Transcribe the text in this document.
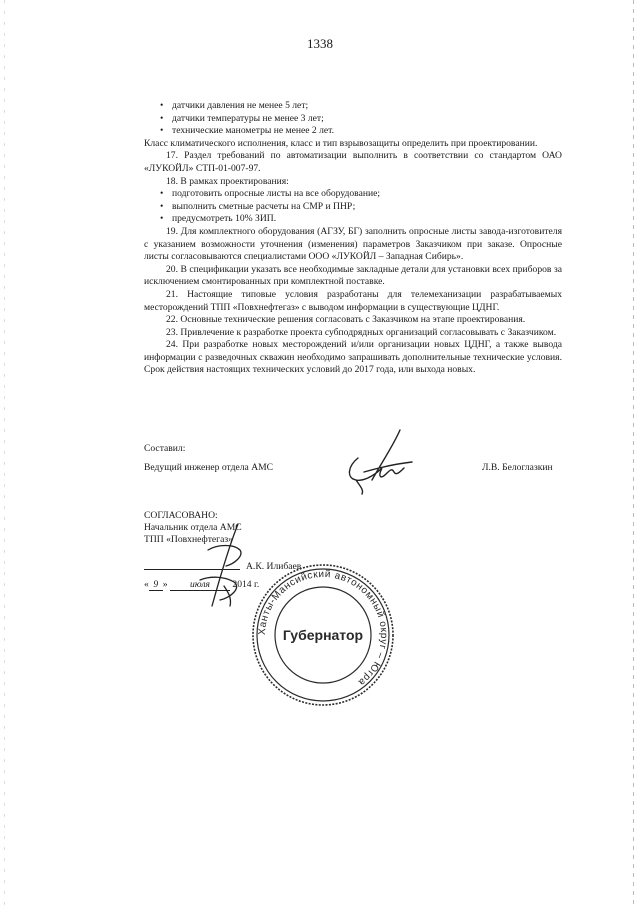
1338
• датчики давления не менее 5 лет;
• датчики температуры не менее 3 лет;
• технические манометры не менее 2 лет.

Класс климатического исполнения, класс и тип взрывозащиты определить при проектировании.

17. Раздел требований по автоматизации выполнить в соответствии со стандартом ОАО «ЛУКОЙЛ» СТП-01-007-97.

18. В рамках проектирования:

• подготовить опросные листы на все оборудование;
• выполнить сметные расчеты на СМР и ПНР;
• предусмотреть 10% ЗИП.

19. Для комплектного оборудования (АГЗУ, БГ) заполнить опросные листы завода-изготовителя с указанием возможности уточнения (изменения) параметров Заказчиком при заказе. Опросные листы согласовываются специалистами ООО «ЛУКОЙЛ – Западная Сибирь».

20. В спецификации указать все необходимые закладные детали для установки всех приборов за исключением смонтированных при комплектной поставке.

21. Настоящие типовые условия разработаны для телемеханизации разрабатываемых месторождений ТПП «Повхнефтегаз» с выводом информации в существующие ЦДНГ.

22. Основные технические решения согласовать с Заказчиком на этапе проектирования.

23. Привлечение к разработке проекта субподрядных организаций согласовывать с Заказчиком.

24. При разработке новых месторождений и/или организации новых ЦДНГ, а также вывода информации с разведочных скважин необходимо запрашивать дополнительные технические условия. Срок действия настоящих технических условий до 2017 года, или выхода новых.

Составил:
Ведущий инженер отдела АМС	Л.В. Белоглазкин
СОГЛАСОВАНО:
Начальник отдела АМС
ТПП «Повхнефтегаз»
А.К. Илибаев
« 9 » июля 2014 г.
Ханты-Мансийский автономный округ – Югра
Губернатор
